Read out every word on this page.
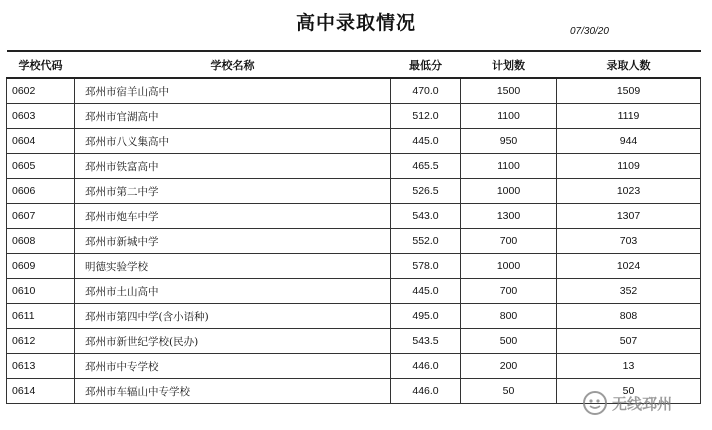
高中录取情况	07/30/20
学校代码	学校名称	最低分	计划数	录取人数
0602	邳州市宿羊山高中	470.0	1500	1509
0603	邳州市官湖高中	512.0	1100	1119
0604	邳州市八义集高中	445.0	950	944
0605	邳州市铁富高中	465.5	1100	1109
0606	邳州市第二中学	526.5	1000	1023
0607	邳州市炮车中学	543.0	1300	1307
0608	邳州市新城中学	552.0	700	703
0609	明德实验学校	578.0	1000	1024
0610	邳州市土山高中	445.0	700	352
0611	邳州市第四中学(含小语种)	495.0	800	808
0612	邳州市新世纪学校(民办)	543.5	500	507
0613	邳州市中专学校	446.0	200	13
0614	邳州市车辐山中专学校	446.0	50	50
无线邳州
